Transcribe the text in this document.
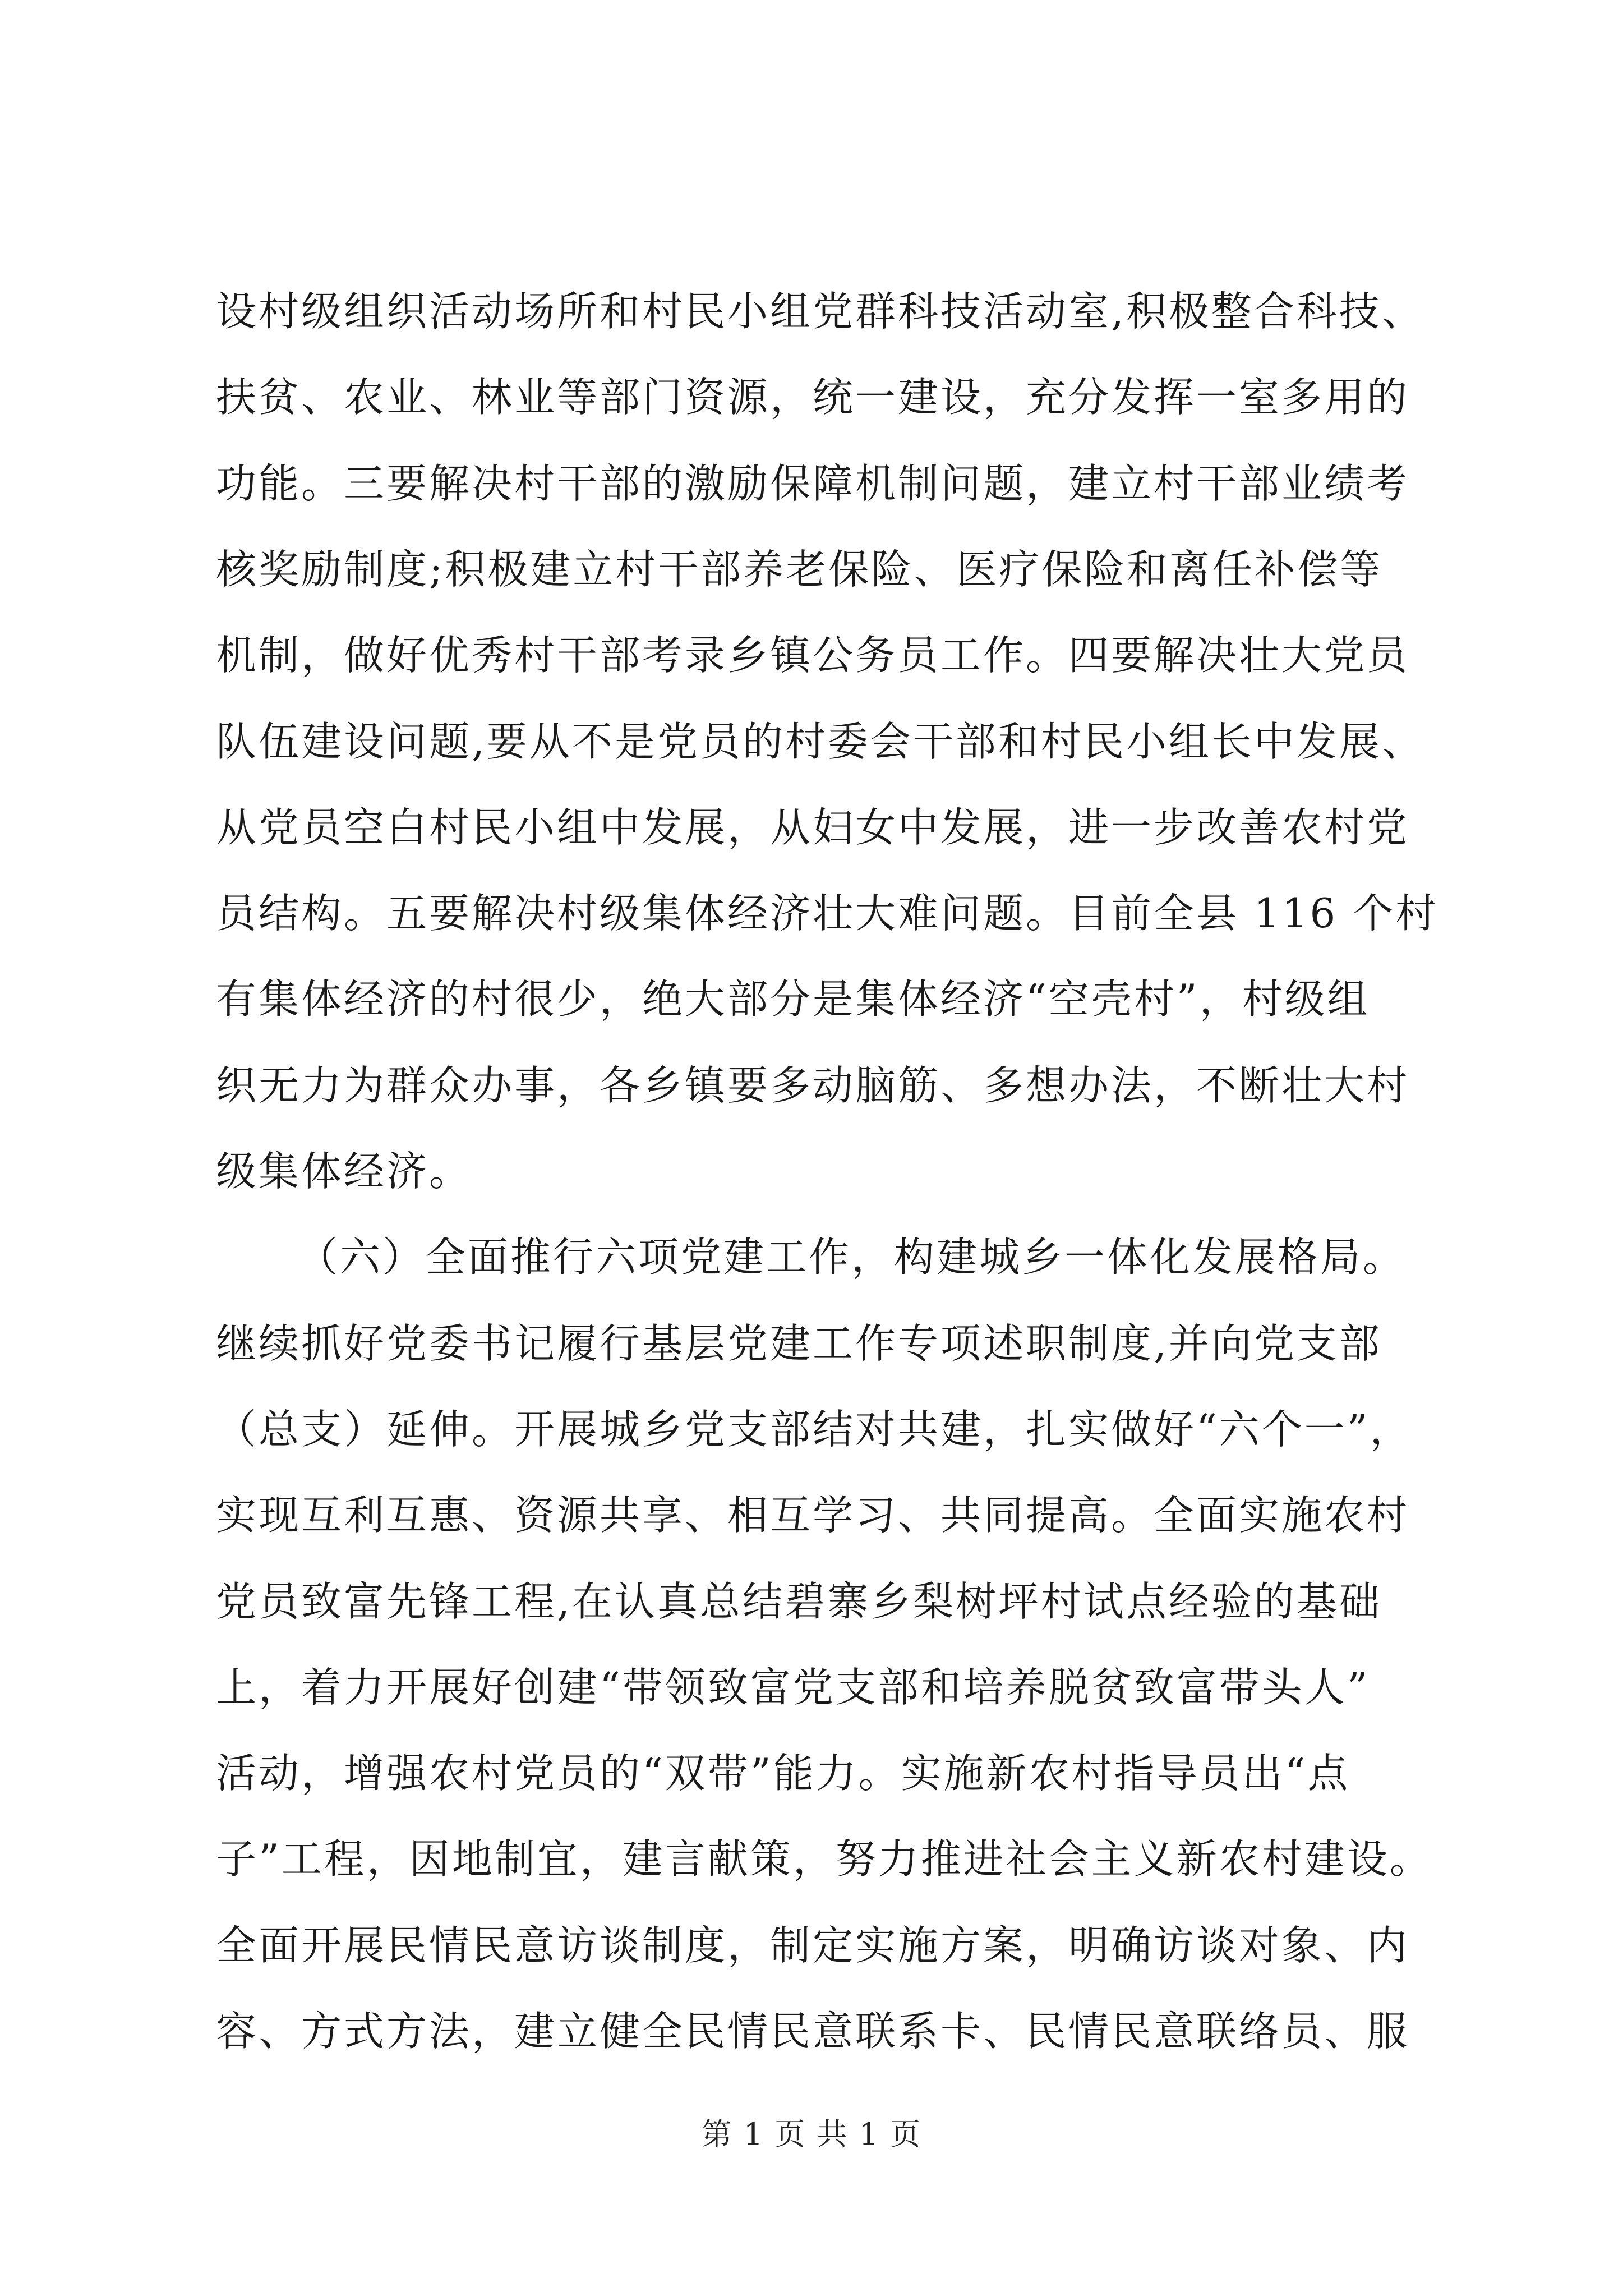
设村级组织活动场所和村民小组党群科技活动室,积极整合科技、
扶贫、农业、林业等部门资源，统一建设，充分发挥一室多用的
功能。三要解决村干部的激励保障机制问题，建立村干部业绩考
核奖励制度;积极建立村干部养老保险、医疗保险和离任补偿等
机制，做好优秀村干部考录乡镇公务员工作。四要解决壮大党员
队伍建设问题,要从不是党员的村委会干部和村民小组长中发展、
从党员空白村民小组中发展，从妇女中发展，进一步改善农村党
员结构。五要解决村级集体经济壮大难问题。目前全县 116 个村
有集体经济的村很少，绝大部分是集体经济“空壳村”，村级组
织无力为群众办事，各乡镇要多动脑筋、多想办法，不断壮大村
级集体经济。
（六）全面推行六项党建工作，构建城乡一体化发展格局。
继续抓好党委书记履行基层党建工作专项述职制度,并向党支部
（总支）延伸。开展城乡党支部结对共建，扎实做好“六个一”，
实现互利互惠、资源共享、相互学习、共同提高。全面实施农村
党员致富先锋工程,在认真总结碧寨乡梨树坪村试点经验的基础
上，着力开展好创建“带领致富党支部和培养脱贫致富带头人”
活动，增强农村党员的“双带”能力。实施新农村指导员出“点
子”工程，因地制宜，建言献策，努力推进社会主义新农村建设。
全面开展民情民意访谈制度，制定实施方案，明确访谈对象、内
容、方式方法，建立健全民情民意联系卡、民情民意联络员、服
第 1 页 共 1 页
